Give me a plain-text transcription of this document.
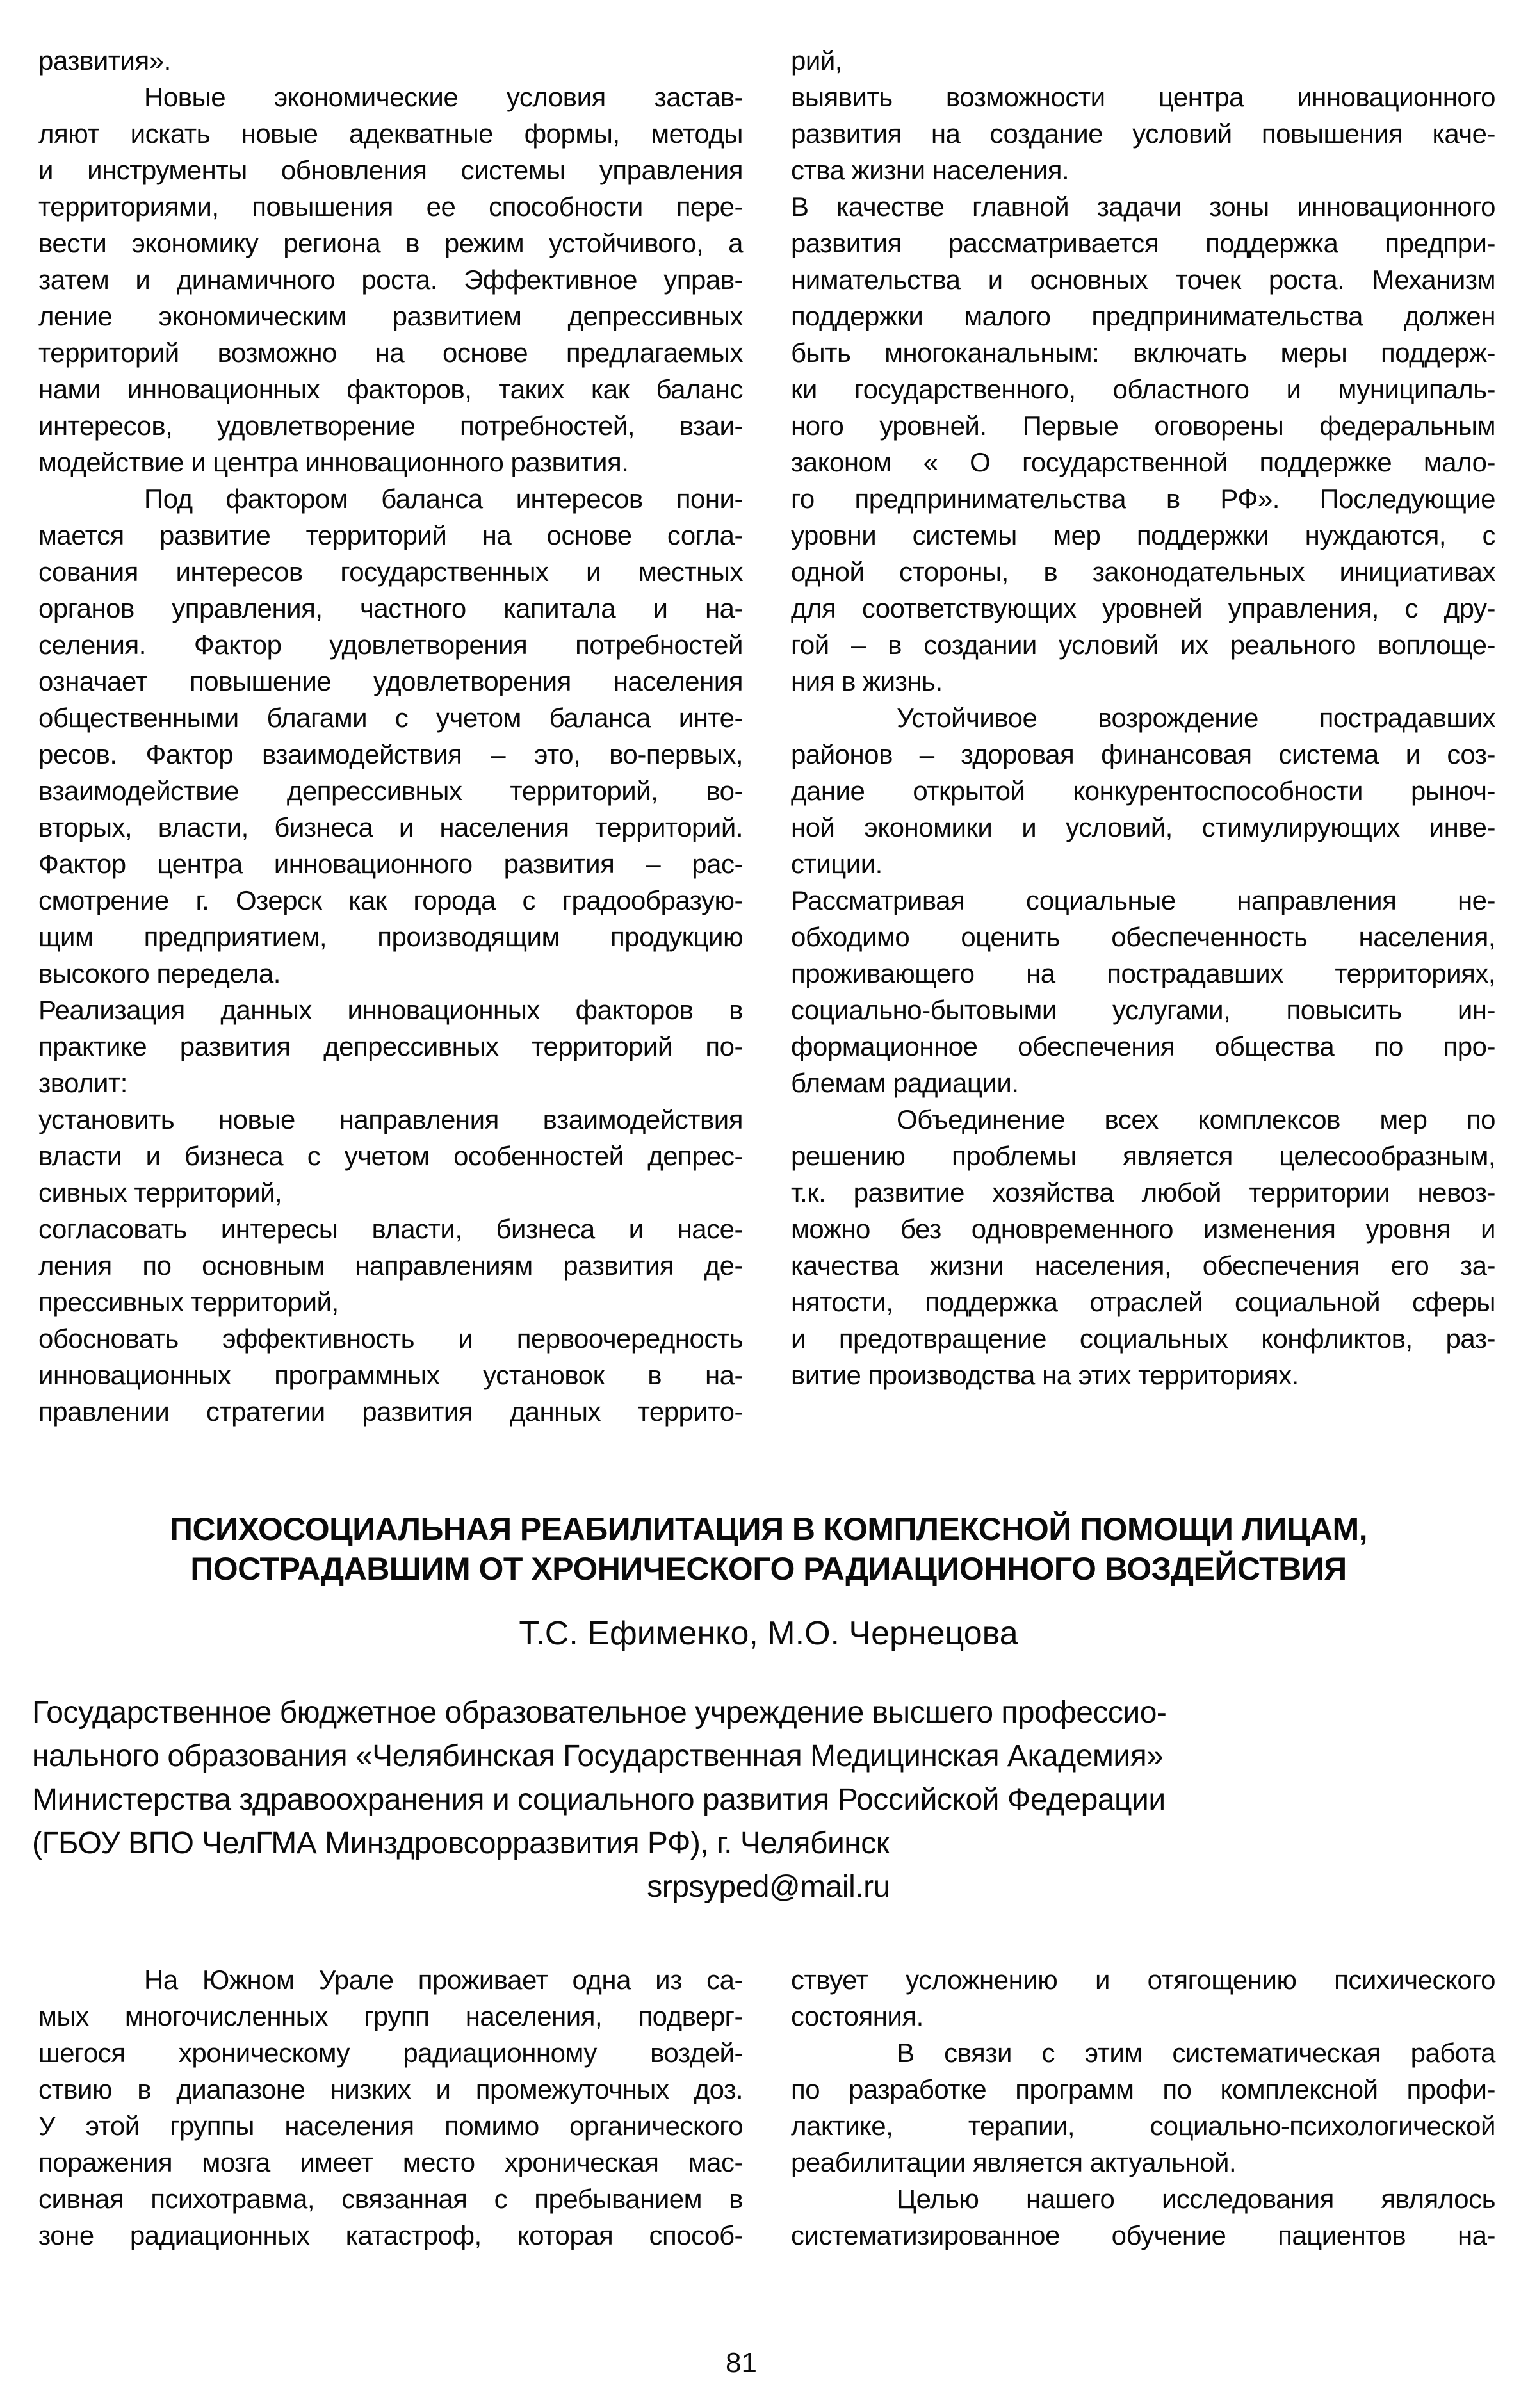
развития».
Новые экономические условия застав-
ляют искать новые адекватные формы, методы
и инструменты обновления системы управления
территориями, повышения ее способности пере-
вести экономику региона в режим устойчивого, а
затем и динамичного роста. Эффективное управ-
ление экономическим развитием депрессивных
территорий возможно на основе предлагаемых
нами инновационных факторов, таких как баланс
интересов, удовлетворение потребностей, взаи-
модействие и центра инновационного развития.
Под фактором баланса интересов пони-
мается развитие территорий на основе согла-
сования интересов государственных и местных
органов управления, частного капитала и на-
селения. Фактор удовлетворения потребностей
означает повышение удовлетворения населения
общественными благами с учетом баланса инте-
ресов. Фактор взаимодействия – это, во-первых,
взаимодействие депрессивных территорий, во-
вторых, власти, бизнеса и населения территорий.
Фактор центра инновационного развития – рас-
смотрение г. Озерск как города с градообразую-
щим предприятием, производящим продукцию
высокого передела.
Реализация данных инновационных факторов в
практике развития депрессивных территорий по-
зволит:
установить новые направления взаимодействия
власти и бизнеса с учетом особенностей депрес-
сивных территорий,
согласовать интересы власти, бизнеса и насе-
ления по основным направлениям развития де-
прессивных территорий,
обосновать эффективность и первоочередность
инновационных программных установок в на-
правлении стратегии развития данных террито-
рий,
выявить возможности центра инновационного
развития на создание условий повышения каче-
ства жизни населения.
В качестве главной задачи зоны инновационного
развития рассматривается поддержка предпри-
нимательства и основных точек роста. Механизм
поддержки малого предпринимательства должен
быть многоканальным: включать меры поддерж-
ки государственного, областного и муниципаль-
ного уровней. Первые оговорены федеральным
законом « О государственной поддержке мало-
го предпринимательства в РФ». Последующие
уровни системы мер поддержки нуждаются, с
одной стороны, в законодательных инициативах
для соответствующих уровней управления, с дру-
гой – в создании условий их реального воплоще-
ния в жизнь.
Устойчивое возрождение пострадавших
районов – здоровая финансовая система и соз-
дание открытой конкурентоспособности рыноч-
ной экономики и условий, стимулирующих инве-
стиции.
Рассматривая социальные направления не-
обходимо оценить обеспеченность населения,
проживающего на пострадавших территориях,
социально-бытовыми услугами, повысить ин-
формационное обеспечения общества по про-
блемам радиации.
Объединение всех комплексов мер по
решению проблемы является целесообразным,
т.к. развитие хозяйства любой территории невоз-
можно без одновременного изменения уровня и
качества жизни населения, обеспечения его за-
нятости, поддержка отраслей социальной сферы
и предотвращение социальных конфликтов, раз-
витие производства на этих территориях.
ПСИХОСОЦИАЛЬНАЯ РЕАБИЛИТАЦИЯ В КОМПЛЕКСНОЙ ПОМОЩИ ЛИЦАМ,
ПОСТРАДАВШИМ ОТ ХРОНИЧЕСКОГО РАДИАЦИОННОГО ВОЗДЕЙСТВИЯ
Т.С. Ефименко, М.О. Чернецова
Государственное бюджетное образовательное учреждение высшего профессио-
нального образования «Челябинская Государственная Медицинская Академия»
Министерства здравоохранения и социального развития Российской Федерации
(ГБОУ ВПО ЧелГМА Минздровсорразвития РФ), г. Челябинск
srpsyped@mail.ru
На Южном Урале проживает одна из са-
мых многочисленных групп населения, подверг-
шегося хроническому радиационному воздей-
ствию в диапазоне низких и промежуточных доз.
У этой группы населения помимо органического
поражения мозга имеет место хроническая мас-
сивная психотравма, связанная с пребыванием в
зоне радиационных катастроф, которая способ-
ствует усложнению и отягощению психического
состояния.
В связи с этим систематическая работа
по разработке программ по комплексной профи-
лактике, терапии, социально-психологической
реабилитации является актуальной.
Целью нашего исследования являлось
систематизированное обучение пациентов на-
81
